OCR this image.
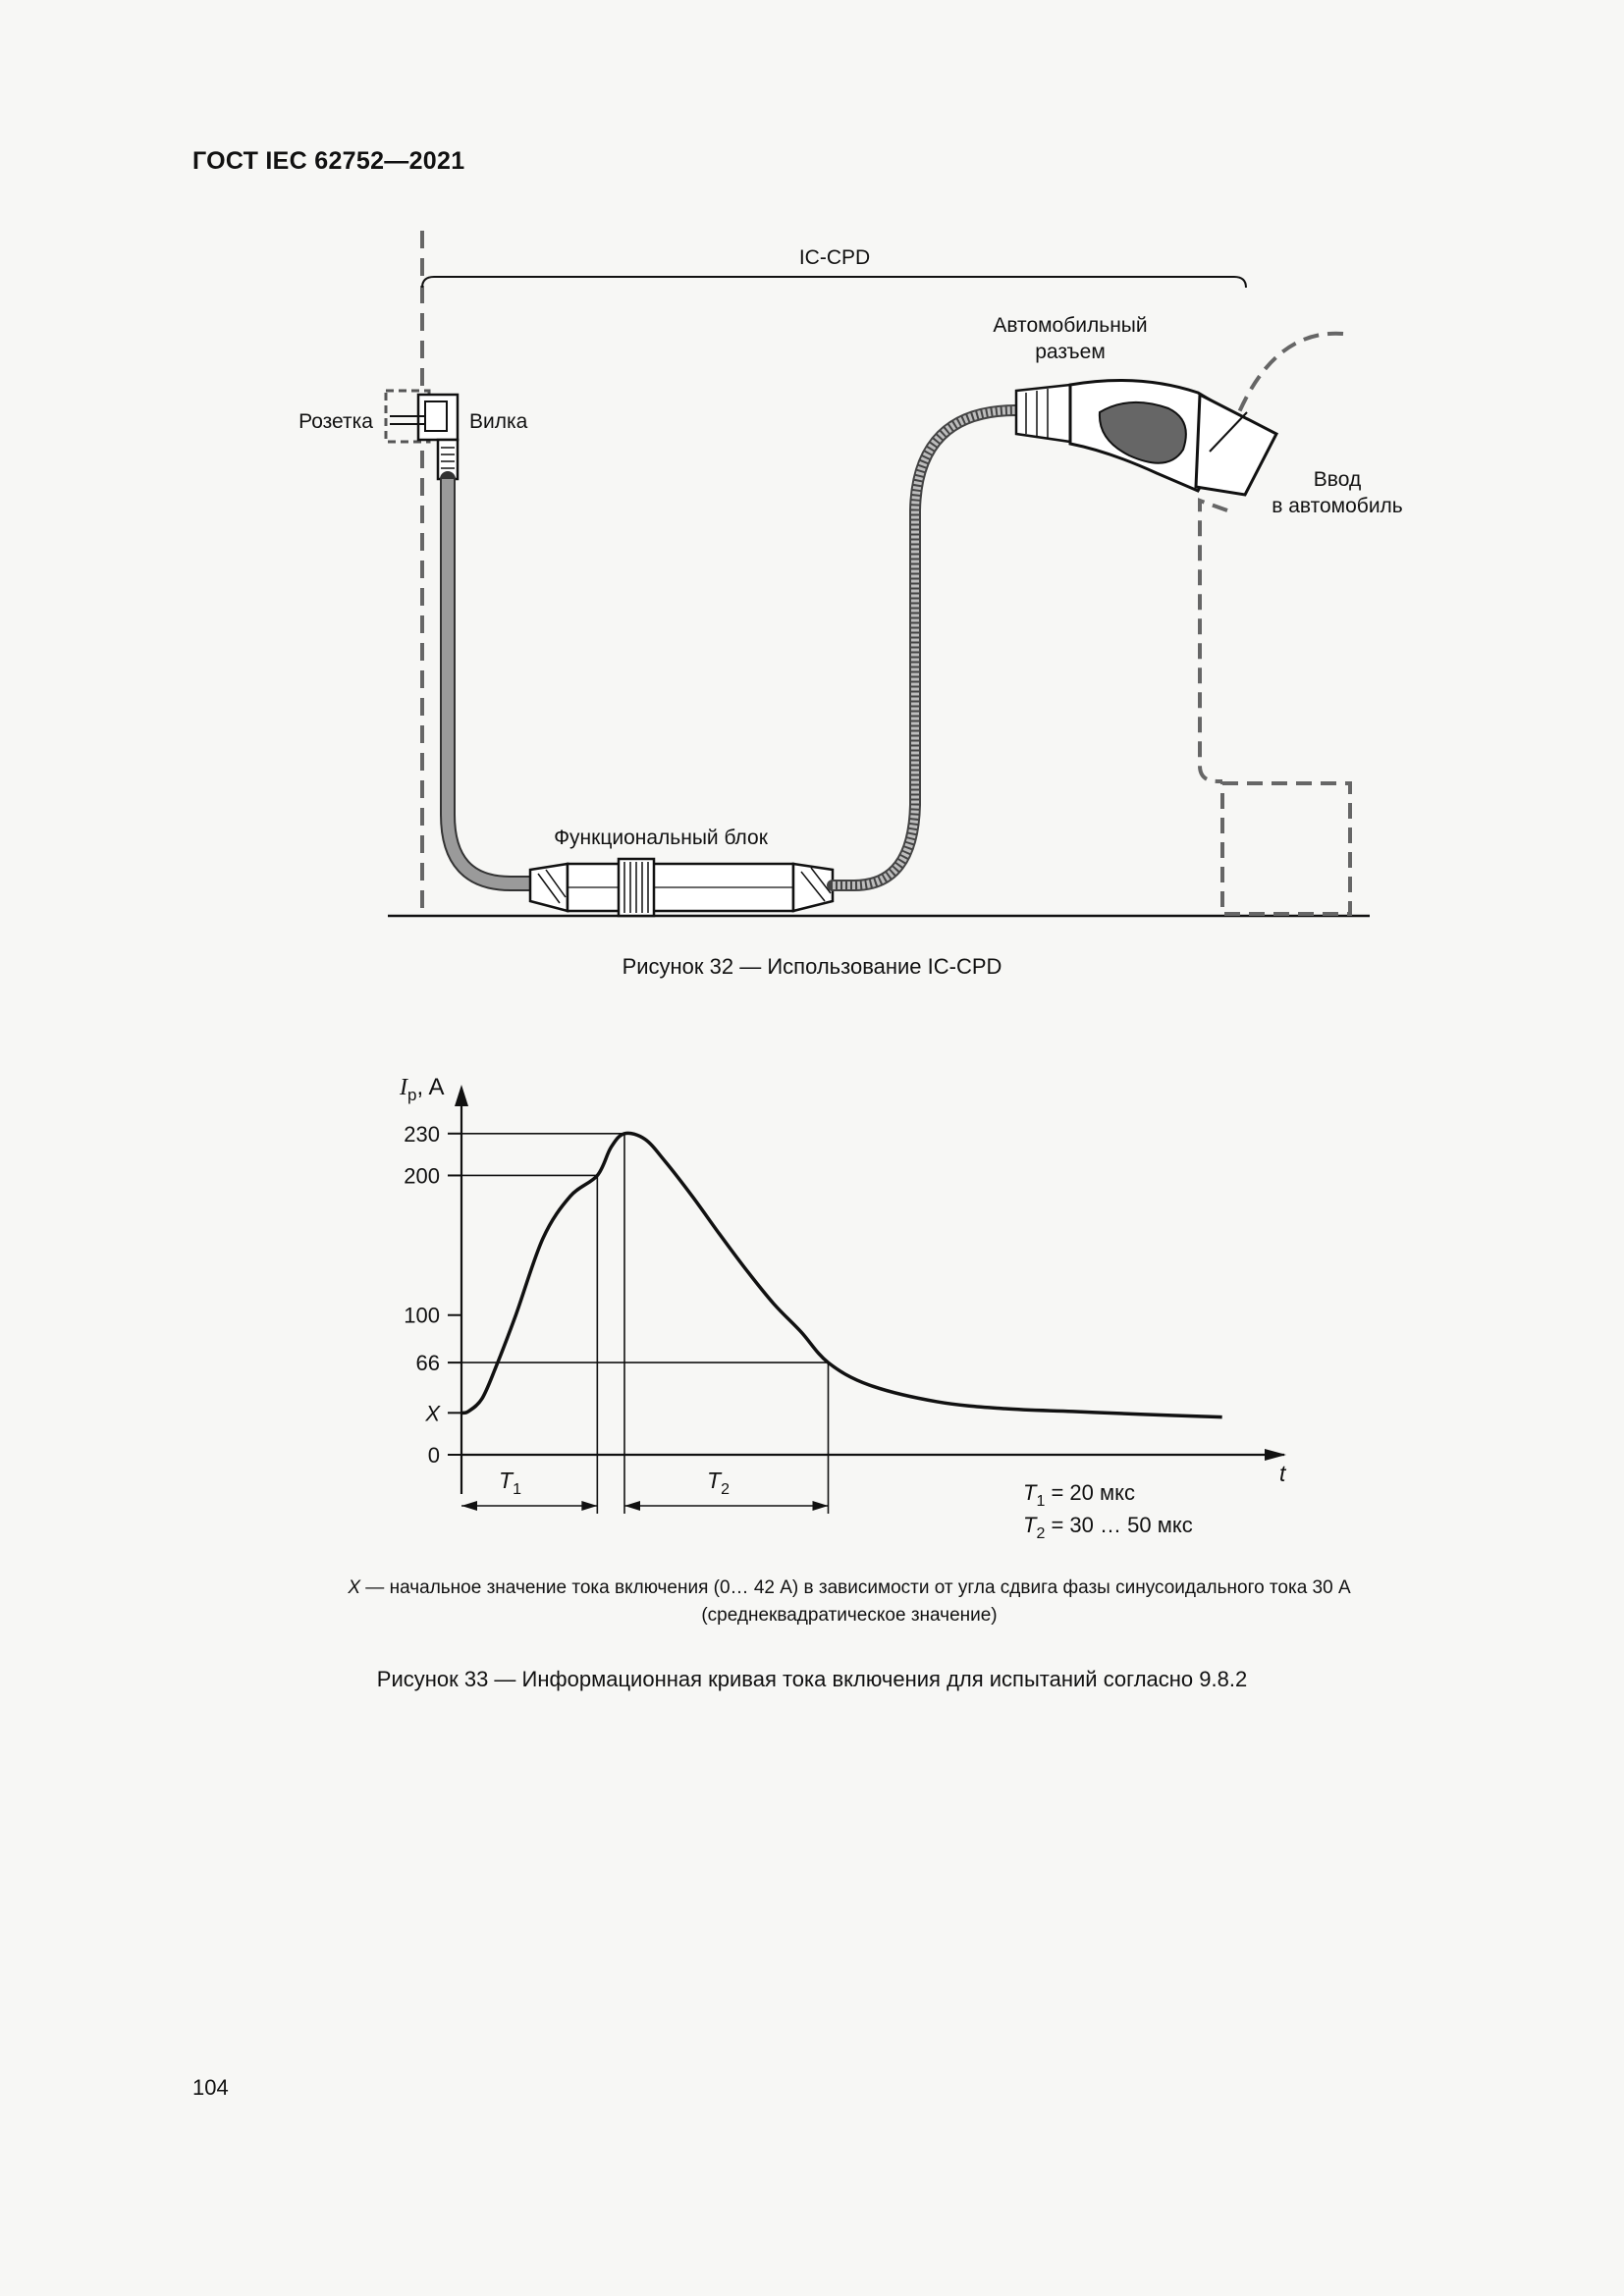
ГОСТ IEC 62752—2021
IC-CPD
Розетка	Вилка
Функциональный блок
Автомобильный
разъем
Ввод
в автомобиль
Рисунок 32 — Использование IC-CPD
0
X
66
100
200
230
$I_p$, A
t
$T_1$	$T_2$	$T_1 = 20$ мкс
$T_2 = 30$ … 50 мкс
X — начальное значение тока включения (0… 42 А) в зависимости от угла сдвига фазы синусоидального тока 30 А
(среднеквадратическое значение)
Рисунок 33 — Информационная кривая тока включения для испытаний согласно 9.8.2
104
